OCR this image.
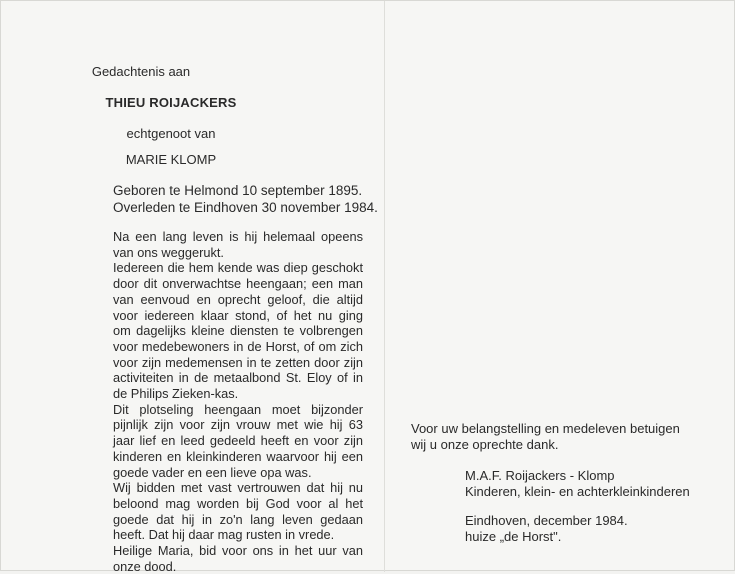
Gedachtenis aan
THIEU ROIJACKERS
echtgenoot van
MARIE KLOMP
Geboren te Helmond 10 september 1895.
Overleden te Eindhoven 30 november 1984.

Na een lang leven is hij helemaal opeens van ons weggerukt.

Iedereen die hem kende was diep geschokt door dit onverwachtse heengaan; een man van eenvoud en oprecht geloof, die altijd voor iedereen klaar stond, of het nu ging om dagelijks kleine diensten te volbrengen voor medebewoners in de Horst, of om zich voor zijn medemensen in te zetten door zijn activiteiten in de metaalbond St. Eloy of in de Philips Zieken-kas.

Dit plotseling heengaan moet bijzonder pijnlijk zijn voor zijn vrouw met wie hij 63 jaar lief en leed gedeeld heeft en voor zijn kinderen en kleinkinderen waarvoor hij een goede vader en een lieve opa was.

Wij bidden met vast vertrouwen dat hij nu beloond mag worden bij God voor al het goede dat hij in zo'n lang leven gedaan heeft. Dat hij daar mag rusten in vrede.

Heilige Maria, bid voor ons in het uur van onze dood.

Voor uw belangstelling en medeleven betuigen

wij u onze oprechte dank.

M.A.F. Roijackers - Klomp

Kinderen, klein- en achterkleinkinderen

Eindhoven, december 1984.

huize „de Horst".
